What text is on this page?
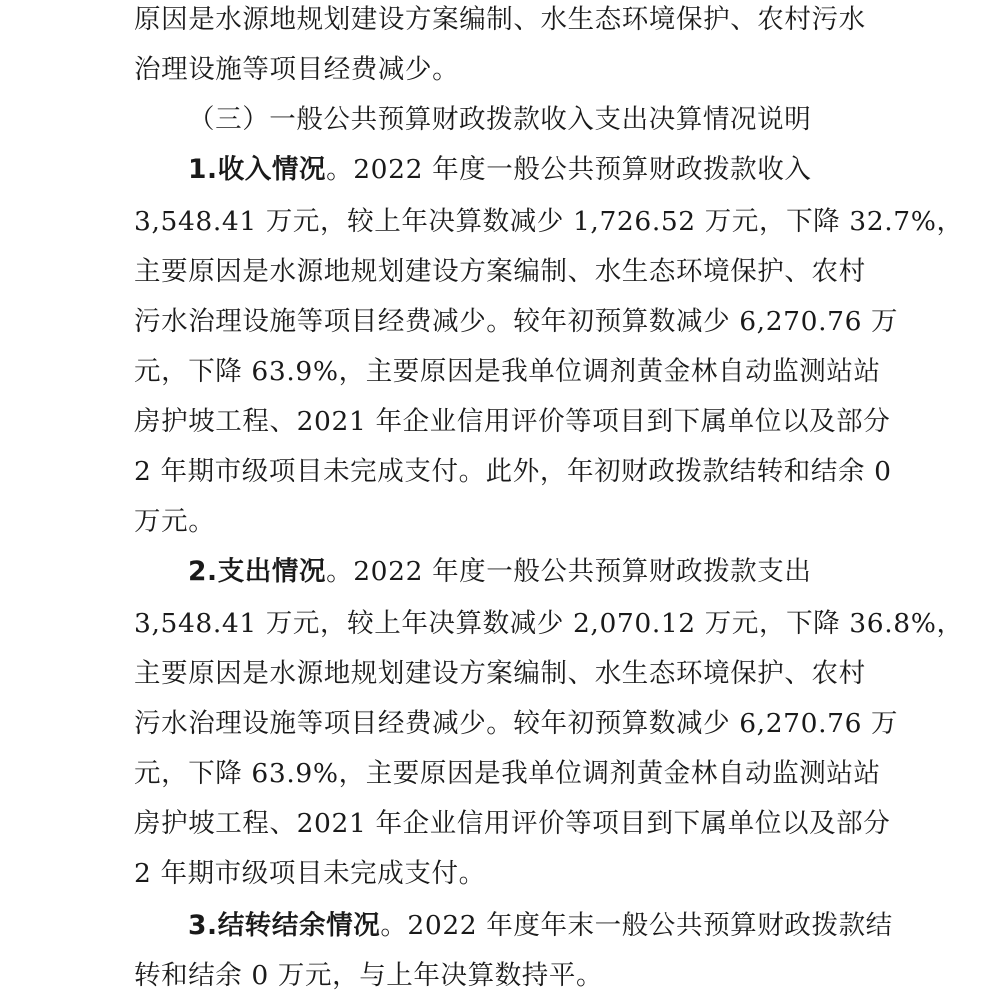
原因是水源地规划建设方案编制、水生态环境保护、农村污水
治理设施等项目经费减少。
（三）一般公共预算财政拨款收入支出决算情况说明
1.收入情况。2022 年度一般公共预算财政拨款收入
3,548.41 万元，较上年决算数减少 1,726.52 万元，下降 32.7%，
主要原因是水源地规划建设方案编制、水生态环境保护、农村
污水治理设施等项目经费减少。较年初预算数减少 6,270.76 万
元，下降 63.9%，主要原因是我单位调剂黄金林自动监测站站
房护坡工程、2021 年企业信用评价等项目到下属单位以及部分
2 年期市级项目未完成支付。此外，年初财政拨款结转和结余 0
万元。
2.支出情况。2022 年度一般公共预算财政拨款支出
3,548.41 万元，较上年决算数减少 2,070.12 万元，下降 36.8%，
主要原因是水源地规划建设方案编制、水生态环境保护、农村
污水治理设施等项目经费减少。较年初预算数减少 6,270.76 万
元，下降 63.9%，主要原因是我单位调剂黄金林自动监测站站
房护坡工程、2021 年企业信用评价等项目到下属单位以及部分
2 年期市级项目未完成支付。
3.结转结余情况。2022 年度年末一般公共预算财政拨款结
转和结余 0 万元，与上年决算数持平。
